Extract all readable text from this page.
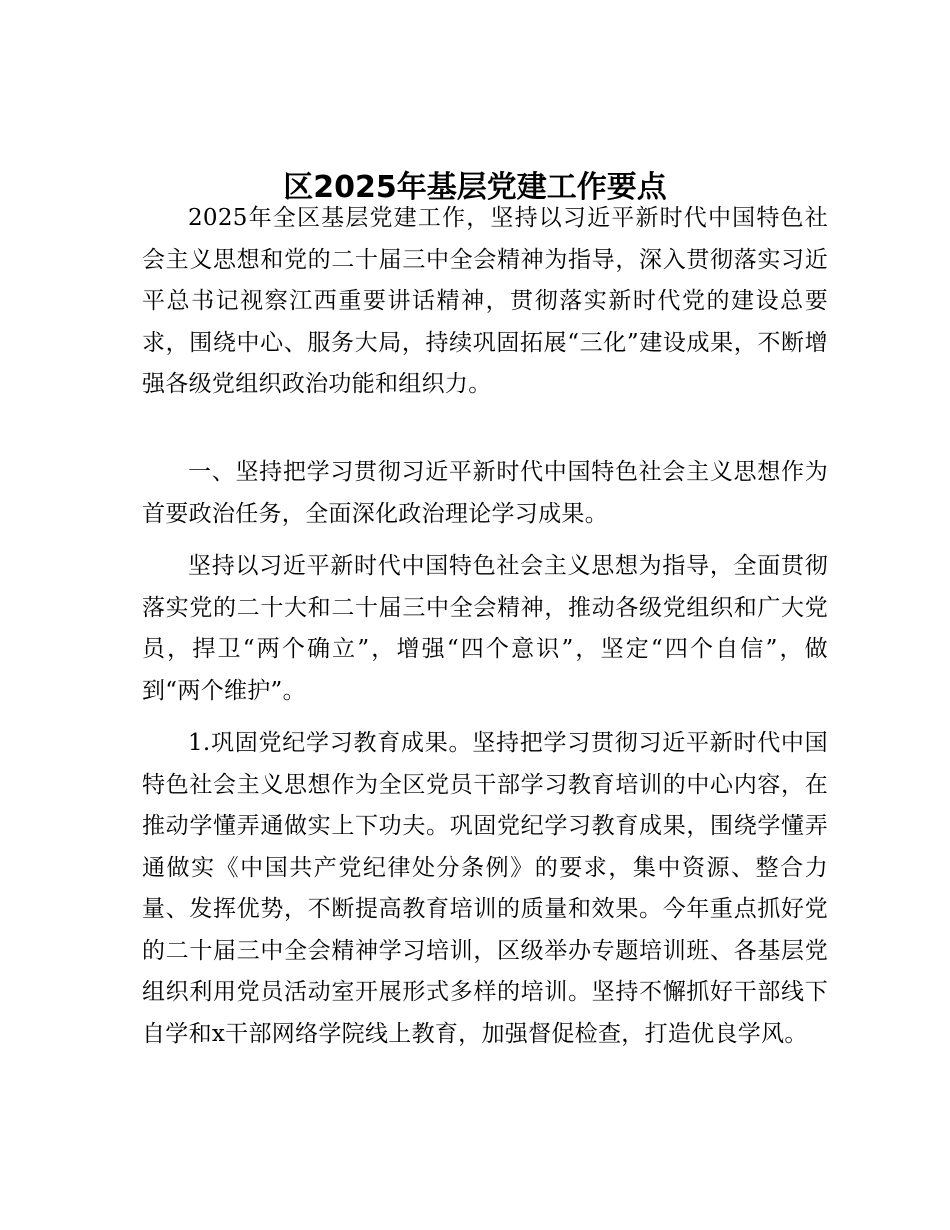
区2025年基层党建工作要点

2025年全区基层党建工作，坚持以习近平新时代中国特色社会主义思想和党的二十届三中全会精神为指导，深入贯彻落实习近平总书记视察江西重要讲话精神，贯彻落实新时代党的建设总要求，围绕中心、服务大局，持续巩固拓展“三化”建设成果，不断增强各级党组织政治功能和组织力。

一、坚持把学习贯彻习近平新时代中国特色社会主义思想作为首要政治任务，全面深化政治理论学习成果。

坚持以习近平新时代中国特色社会主义思想为指导，全面贯彻落实党的二十大和二十届三中全会精神，推动各级党组织和广大党员，捍卫“两个确立”，增强“四个意识”，坚定“四个自信”，做到“两个维护”。

1.巩固党纪学习教育成果。坚持把学习贯彻习近平新时代中国特色社会主义思想作为全区党员干部学习教育培训的中心内容，在推动学懂弄通做实上下功夫。巩固党纪学习教育成果，围绕学懂弄通做实《中国共产党纪律处分条例》的要求，集中资源、整合力量、发挥优势，不断提高教育培训的质量和效果。今年重点抓好党的二十届三中全会精神学习培训，区级举办专题培训班、各基层党组织利用党员活动室开展形式多样的培训。坚持不懈抓好干部线下自学和x干部网络学院线上教育，加强督促检查，打造优良学风。
